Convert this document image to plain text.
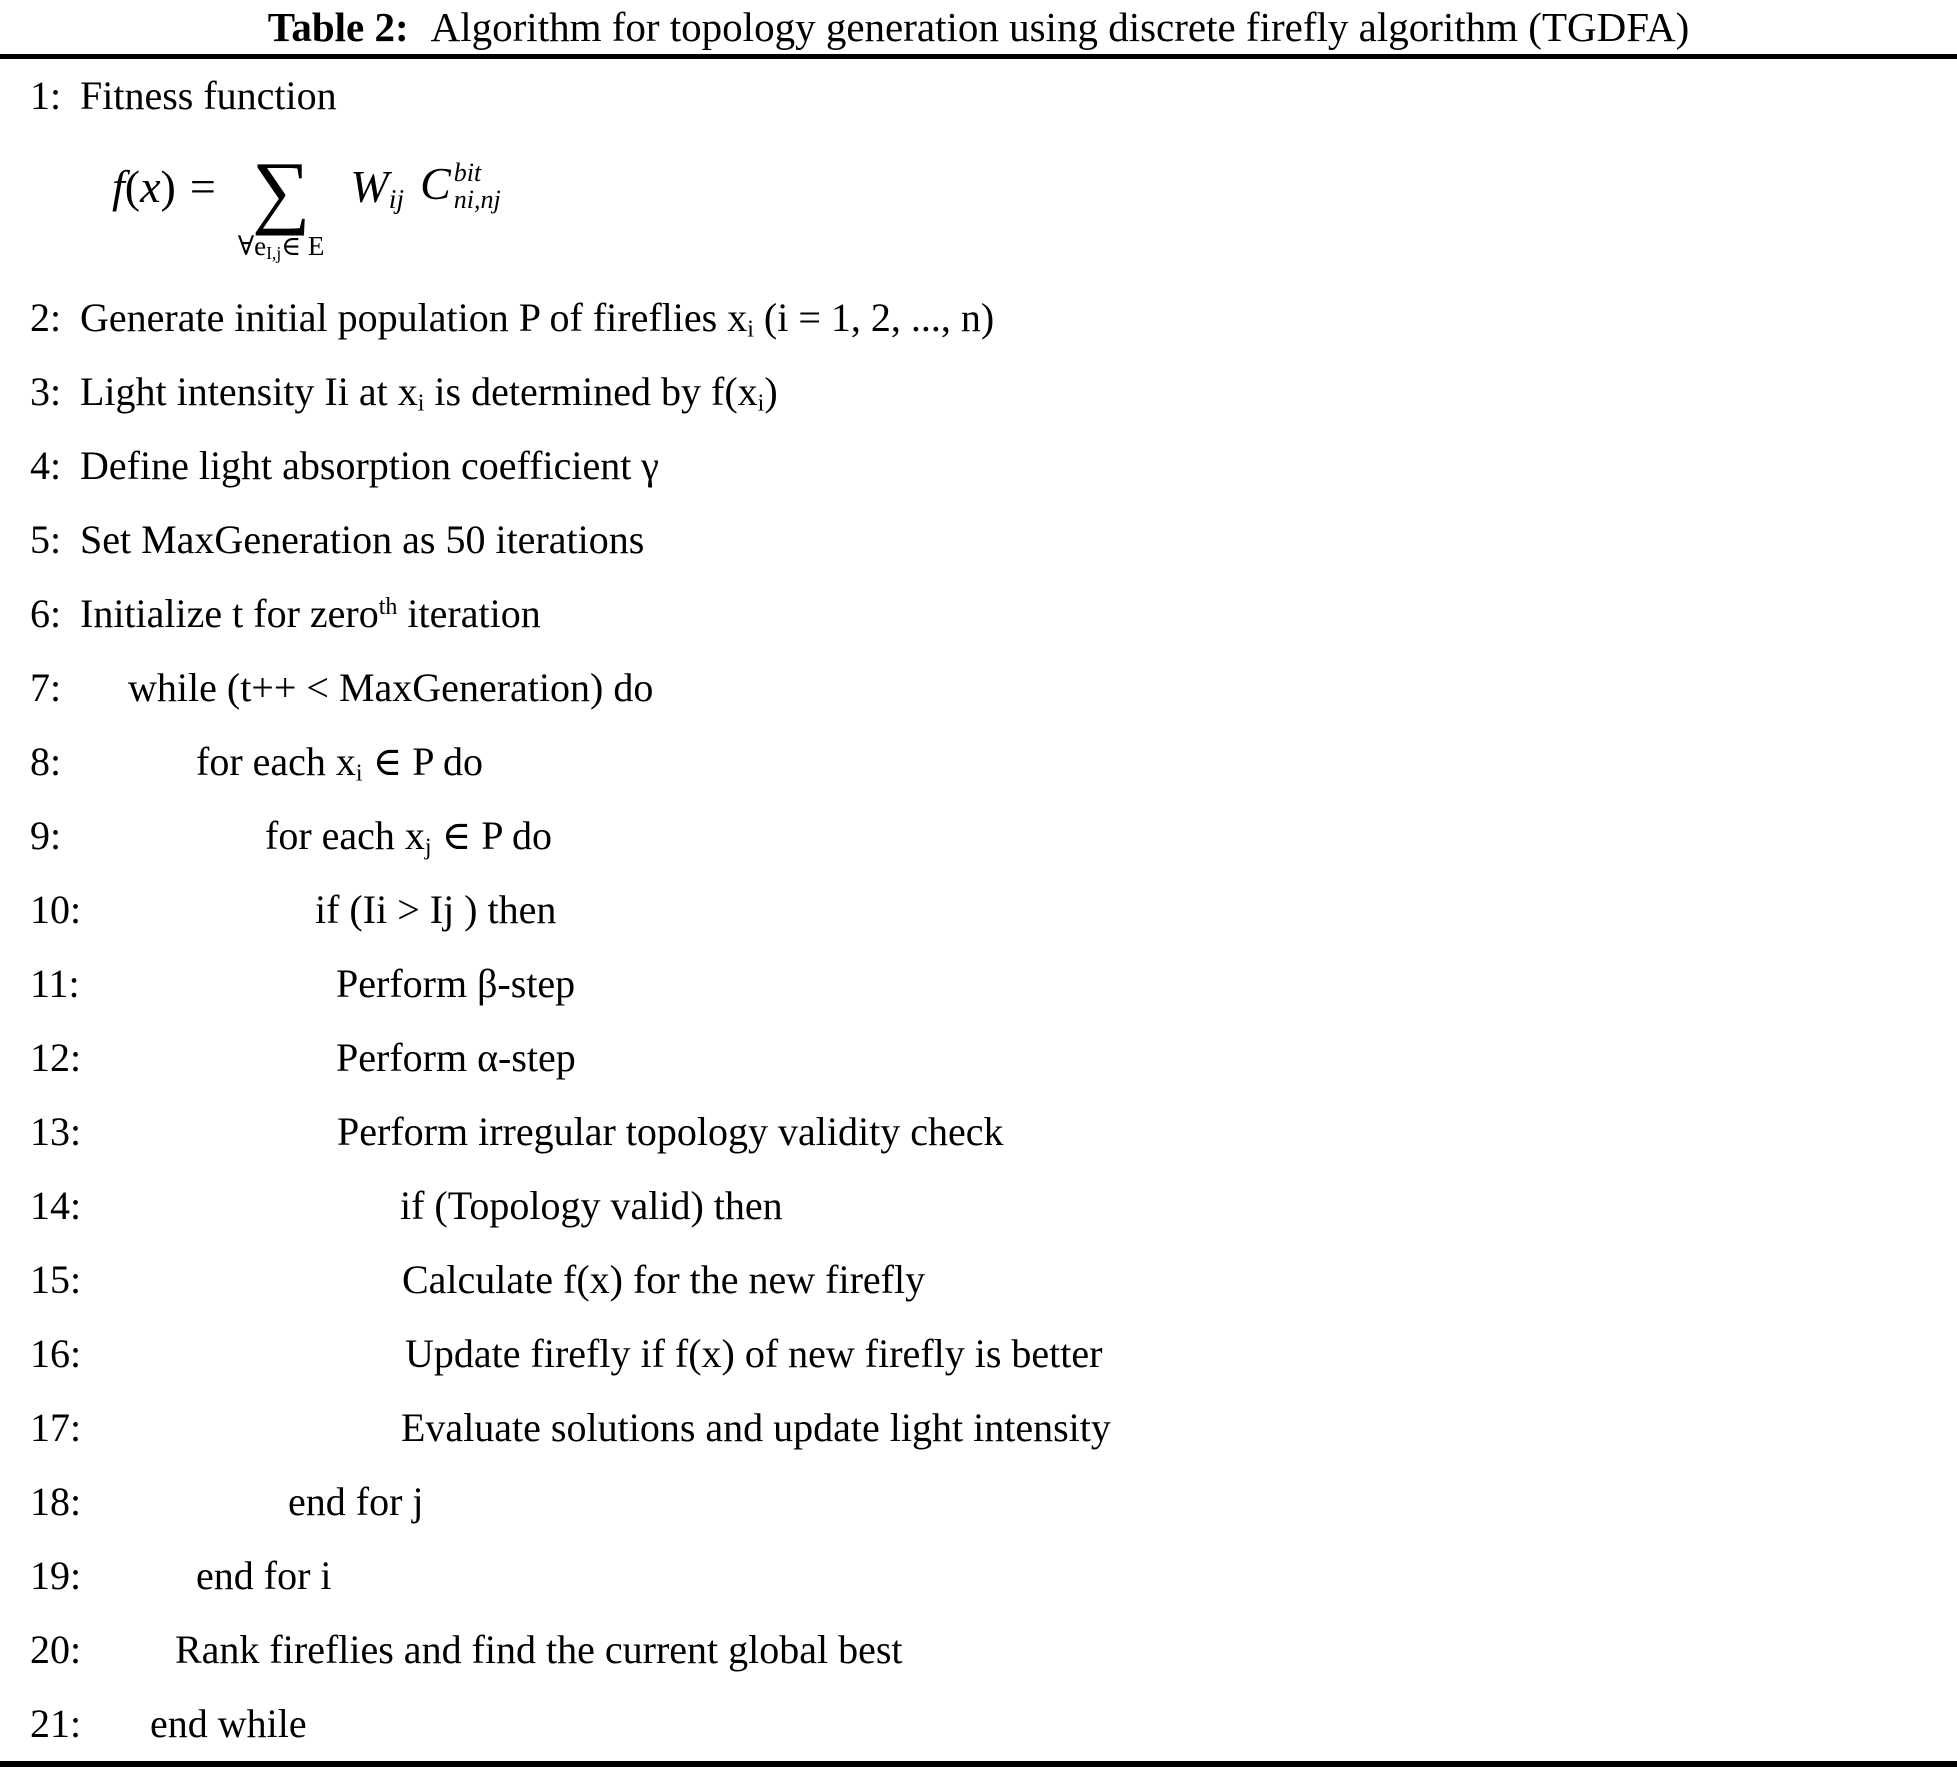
Table 2: Algorithm for topology generation using discrete firefly algorithm (TGDFA)
1: Fitness function
f(x) = ∑
$\forall e_{I,j}\in$ E
$W_{ij}$ C bit
ni,nj
2: Generate initial population P of fireflies $x_i$ (i = 1, 2, ..., n)
3: Light intensity Ii at $x_i$ is determined by $f(x_i)$
4: Define light absorption coefficient γ
5: Set MaxGeneration as 50 iterations
6: Initialize t for zero$^{th}$ iteration
7: while (t++ < MaxGeneration) do
8:	for each $x_i$ ∈ P do
9:	for each $x_j$ ∈ P do
10:	if (Ii > Ij ) then
11:	Perform β-step
12:	Perform α-step
13:	Perform irregular topology validity check
14:	if (Topology valid) then
15:	Calculate f(x) for the new firefly
16:	Update firefly if f(x) of new firefly is better
17:	Evaluate solutions and update light intensity
18:	end for j
19:	end for i
20: Rank fireflies and find the current global best
21: end while
